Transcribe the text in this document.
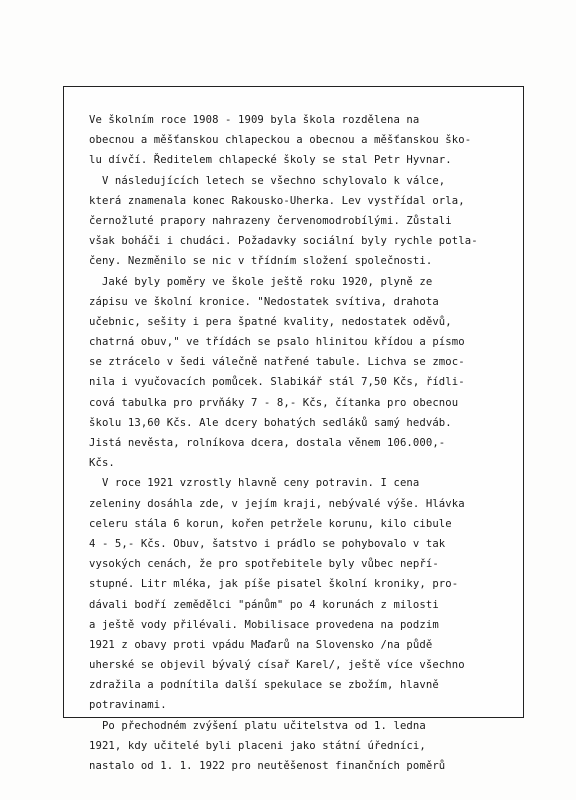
Ve školním roce 1908 - 1909 byla škola rozdělena na
obecnou a měšťanskou chlapeckou a obecnou a měšťanskou ško-
lu dívčí. Ředitelem chlapecké školy se stal Petr Hyvnar.
V následujících letech se všechno schylovalo k válce,
která znamenala konec Rakousko-Uherka. Lev vystřídal orla,
černožluté prapory nahrazeny červenomodrobílými. Zůstali
však boháči i chudáci. Požadavky sociální byly rychle potla-
čeny. Nezměnilo se nic v třídním složení společnosti.
Jaké byly poměry ve škole ještě roku 1920, plyně ze
zápisu ve školní kronice. "Nedostatek svítiva, drahota
učebnic, sešity i pera špatné kvality, nedostatek oděvů,
chatrná obuv," ve třídách se psalo hlinitou křídou a písmo
se ztrácelo v šedi válečně natřené tabule. Lichva se zmoc-
nila i vyučovacích pomůcek. Slabikář stál 7,50 Kčs, řídli-
cová tabulka pro prvňáky 7 - 8,- Kčs, čítanka pro obecnou
školu 13,60 Kčs. Ale dcery bohatých sedláků samý hedváb.
Jistá nevěsta, rolníkova dcera, dostala věnem 106.000,-
Kčs.
V roce 1921 vzrostly hlavně ceny potravin. I cena
zeleniny dosáhla zde, v jejím kraji, nebývalé výše. Hlávka
celeru stála 6 korun, kořen petržele korunu, kilo cibule
4 - 5,- Kčs. Obuv, šatstvo i prádlo se pohybovalo v tak
vysokých cenách, že pro spotřebitele byly vůbec nepří-
stupné. Litr mléka, jak píše pisatel školní kroniky, pro-
dávali bodří zemědělci "pánům" po 4 korunách z milosti
a ještě vody přilévali. Mobilisace provedena na podzim
1921 z obavy proti vpádu Maďarů na Slovensko /na půdě
uherské se objevil bývalý císař Karel/, ještě více všechno
zdražila a podnítila další spekulace se zbožím, hlavně
potravinami.
Po přechodném zvýšení platu učitelstva od 1. ledna
1921, kdy učitelé byli placeni jako státní úředníci,
nastalo od 1. 1. 1922 pro neutěšenost finančních poměrů
